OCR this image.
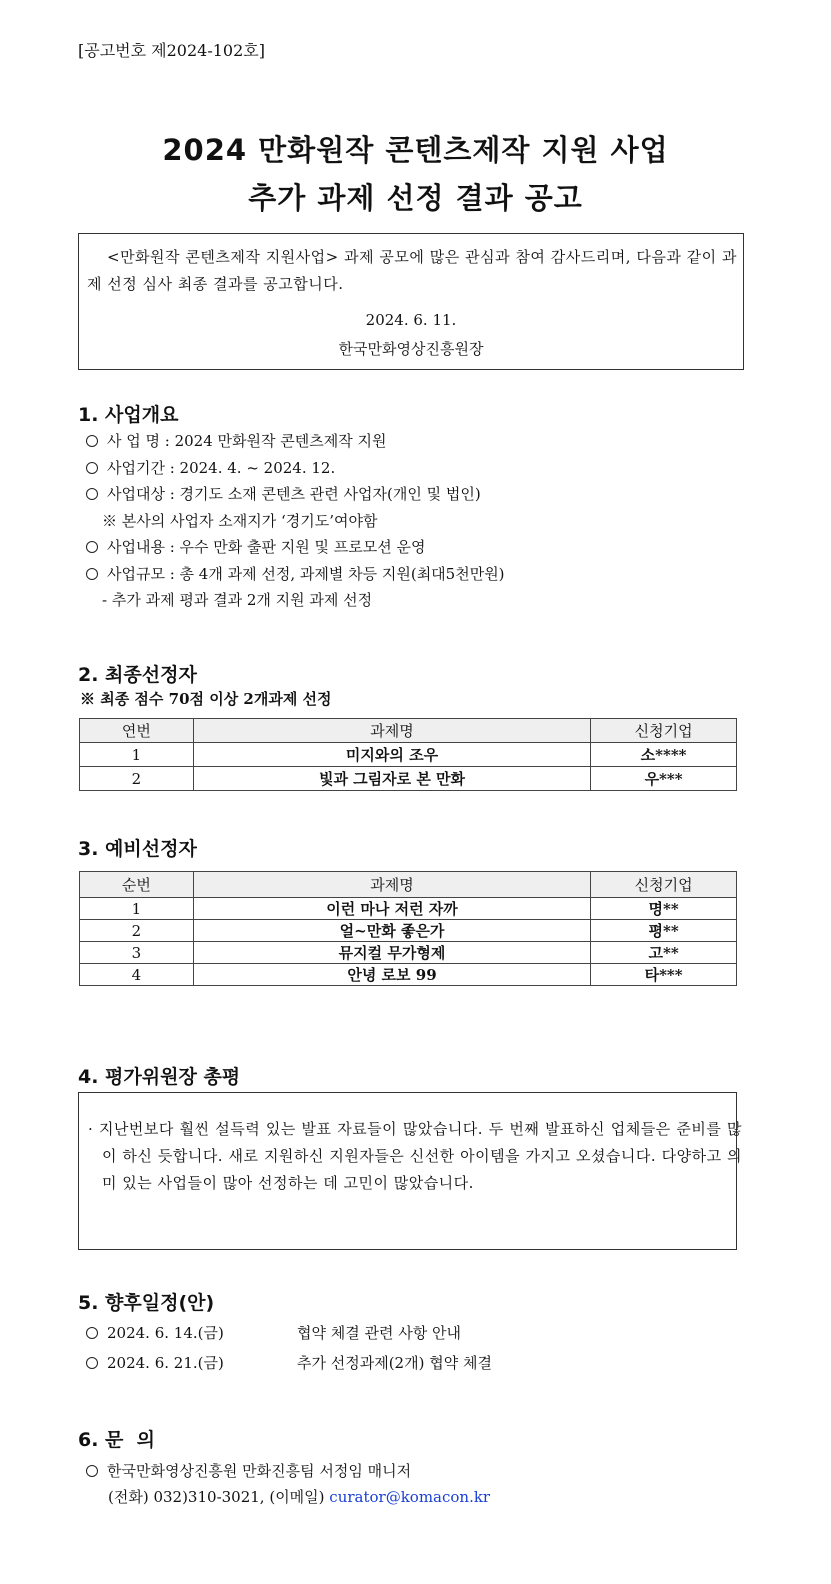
[공고번호 제2024-102호]
2024 만화원작 콘텐츠제작 지원 사업
추가 과제 선정 결과 공고
<만화원작 콘텐츠제작 지원사업> 과제 공모에 많은 관심과 참여 감사드리며, 다음과 같이 과제 선정 심사 최종 결과를 공고합니다.
2024. 6. 11.
한국만화영상진흥원장
1. 사업개요
사 업 명 : 2024 만화원작 콘텐츠제작 지원
사업기간 : 2024. 4. ~ 2024. 12.
사업대상 : 경기도 소재 콘텐츠 관련 사업자(개인 및 법인)
※ 본사의 사업자 소재지가 ‘경기도’여야함
사업내용 : 우수 만화 출판 지원 및 프로모션 운영
사업규모 : 총 4개 과제 선정, 과제별 차등 지원(최대5천만원)
- 추가 과제 평과 결과 2개 지원 과제 선정
2. 최종선정자
※ 최종 점수 70점 이상 2개과제 선정
연번	과제명	신청기업
1	미지와의 조우	소****
2	빛과 그림자로 본 만화	우***
3. 예비선정자
순번	과제명	신청기업
1	이런 마나 저런 자까	명**
2	얼~만화 좋은가	평**
3	뮤지컬 무가형제	고**
4	안녕 로보 99	타***
4. 평가위원장 총평
· 지난번보다 훨씬 설득력 있는 발표 자료들이 많았습니다. 두 번째 발표하신 업체들은 준비를 많이 하신 듯합니다. 새로 지원하신 지원자들은 신선한 아이템을 가지고 오셨습니다. 다양하고 의미 있는 사업들이 많아 선정하는 데 고민이 많았습니다.
5. 향후일정(안)
2024. 6. 14.(금)	협약 체결 관련 사항 안내
2024. 6. 21.(금)	추가 선정과제(2개) 협약 체결
6. 문  의
한국만화영상진흥원 만화진흥팀 서정임 매니저
(전화) 032)310-3021, (이메일) curator@komacon.kr
